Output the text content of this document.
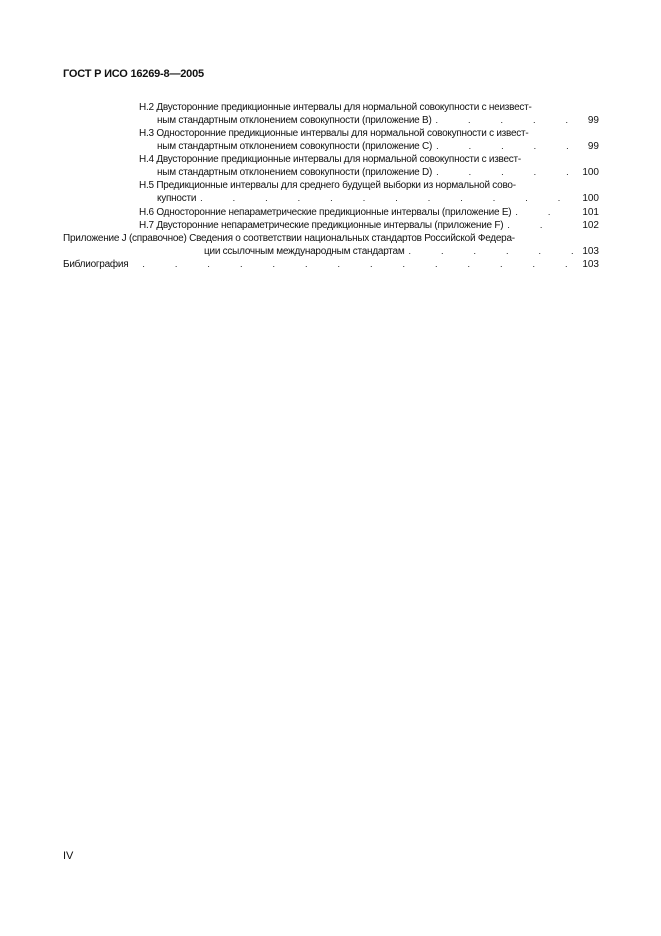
ГОСТ Р ИСО 16269-8—2005
Н.2 Двусторонние предикционные интервалы для нормальной совокупности с неизвест-
ным стандартным отклонением совокупности (приложение В) .	99
Н.3 Односторонние предикционные интервалы для нормальной совокупности с извест-
ным стандартным отклонением совокупности (приложение С) .	99
Н.4 Двусторонние предикционные интервалы для нормальной совокупности с извест-
ным стандартным отклонением совокупности (приложение D) .	100
Н.5 Предикционные интервалы для среднего будущей выборки из нормальной сово-
купности .	100
Н.6 Односторонние непараметрические предикционные интервалы (приложение Е) .	101
Н.7 Двусторонние непараметрические предикционные интервалы (приложение F) .	102
Приложение J (справочное) Сведения о соответствии национальных стандартов Российской Федера-
ции ссылочным международным стандартам .	103
Библиография .	103
IV
